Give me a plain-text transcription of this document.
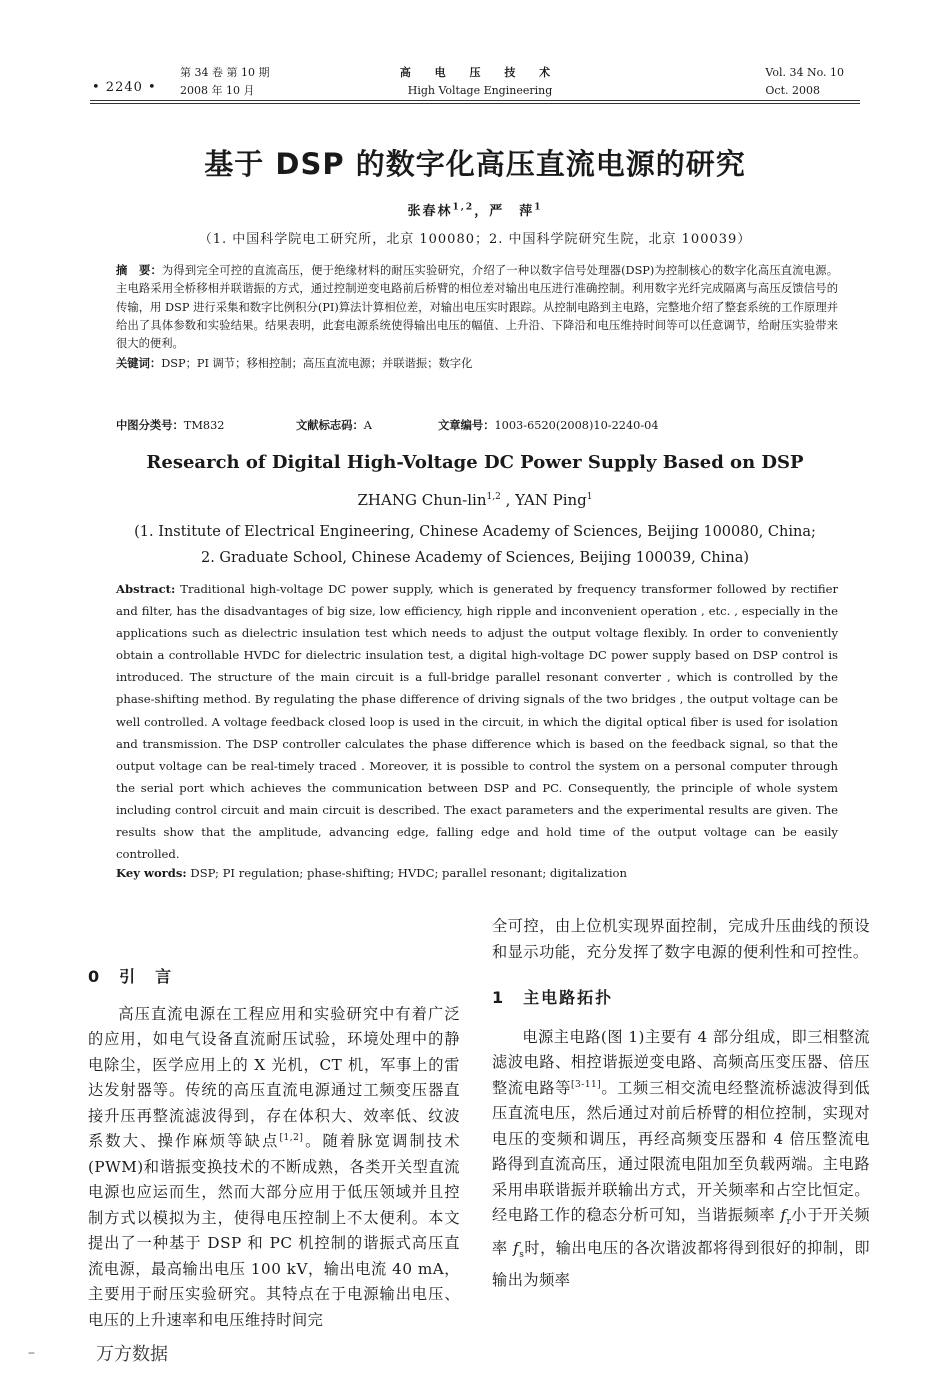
• 2240 •
第 34 卷 第 10 期
2008 年 10 月
高 电 压 技 术
High Voltage Engineering
Vol. 34 No. 10
Oct. 2008
基于 DSP 的数字化高压直流电源的研究
张春林$^{1,2}$，严　萍$^1$
（1. 中国科学院电工研究所，北京 100080；2. 中国科学院研究生院，北京 100039）
摘　要：为得到完全可控的直流高压，便于绝缘材料的耐压实验研究，介绍了一种以数字信号处理器(DSP)为控制核心的数字化高压直流电源。主电路采用全桥移相并联谐振的方式，通过控制逆变电路前后桥臂的相位差对输出电压进行准确控制。利用数字光纤完成隔离与高压反馈信号的传输，用 DSP 进行采集和数字比例积分(PI)算法计算相位差，对输出电压实时跟踪。从控制电路到主电路，完整地介绍了整套系统的工作原理并给出了具体参数和实验结果。结果表明，此套电源系统使得输出电压的幅值、上升沿、下降沿和电压维持时间等可以任意调节，给耐压实验带来很大的便利。
关键词：DSP；PI 调节；移相控制；高压直流电源；并联谐振；数字化
中图分类号：TM832	文献标志码：A	文章编号：1003-6520(2008)10-2240-04
Research of Digital High-Voltage DC Power Supply Based on DSP
ZHANG Chun-lin$^{1,2}$ , YAN Ping$^1$
(1. Institute of Electrical Engineering, Chinese Academy of Sciences, Beijing 100080, China;
2. Graduate School, Chinese Academy of Sciences, Beijing 100039, China)
Abstract: Traditional high-voltage DC power supply, which is generated by frequency transformer followed by rectifier and filter, has the disadvantages of big size, low efficiency, high ripple and inconvenient operation , etc. , especially in the applications such as dielectric insulation test which needs to adjust the output voltage flexibly. In order to conveniently obtain a controllable HVDC for dielectric insulation test, a digital high-voltage DC power supply based on DSP control is introduced. The structure of the main circuit is a full-bridge parallel resonant converter , which is controlled by the phase-shifting method. By regulating the phase difference of driving signals of the two bridges , the output voltage can be well controlled. A voltage feedback closed loop is used in the circuit, in which the digital optical fiber is used for isolation and transmission. The DSP controller calculates the phase difference which is based on the feedback signal, so that the output voltage can be real-timely traced . Moreover, it is possible to control the system on a personal computer through the serial port which achieves the communication between DSP and PC. Consequently, the principle of whole system including control circuit and main circuit is described. The exact parameters and the experimental results are given. The results show that the amplitude, advancing edge, falling edge and hold time of the output voltage can be easily controlled.
Key words: DSP; PI regulation; phase-shifting; HVDC; parallel resonant; digitalization
0　引　言

高压直流电源在工程应用和实验研究中有着广泛的应用，如电气设备直流耐压试验，环境处理中的静电除尘，医学应用上的 X 光机，CT 机，军事上的雷达发射器等。传统的高压直流电源通过工频变压器直接升压再整流滤波得到，存在体积大、效率低、纹波系数大、操作麻烦等缺点[1,2]。随着脉宽调制技术(PWM)和谐振变换技术的不断成熟，各类开关型直流电源也应运而生，然而大部分应用于低压领域并且控制方式以模拟为主，使得电压控制上不太便利。本文提出了一种基于 DSP 和 PC 机控制的谐振式高压直流电源，最高输出电压 100 kV，输出电流 40 mA，主要用于耐压实验研究。其特点在于电源输出电压、电压的上升速率和电压维持时间完

全可控，由上位机实现界面控制，完成升压曲线的预设和显示功能，充分发挥了数字电源的便利性和可控性。

1　主电路拓扑

电源主电路(图 1)主要有 4 部分组成，即三相整流滤波电路、相控谐振逆变电路、高频高压变压器、倍压整流电路等[3-11]。工频三相交流电经整流桥滤波得到低压直流电压，然后通过对前后桥臂的相位控制，实现对电压的变频和调压，再经高频变压器和 4 倍压整流电路得到直流高压，通过限流电阻加至负载两端。主电路采用串联谐振并联输出方式，开关频率和占空比恒定。经电路工作的稳态分析可知，当谐振频率 $f_r$小于开关频率 $f_s$时，输出电压的各次谐波都将得到很好的抑制，即输出为频率

–	万方数据
